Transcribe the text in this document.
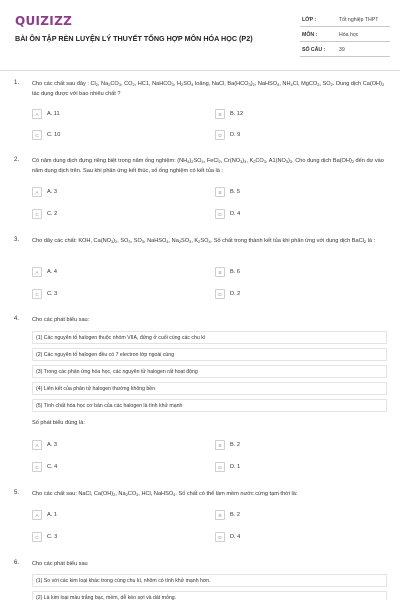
QUIZIZZ
BÀI ÔN TẬP RÈN LUYỆN LÝ THUYẾT TỔNG HỢP MÔN HÓA HỌC (P2)
LỚP :	Tốt nghiệp THPT
MÔN :	Hóa học
SỐ CÂU :	39
1. Cho các chất sau đây : $Cl_2$, $Na_2CO_3$, $CO_2$, HC1, NaHCO$_3$, $H_2SO_4$ loãng, NaCl, $Ba(HCO_3)_2$, NaHSO$_4$, $NH_4Cl$, MgCO$_3$, $SO_2$. Dung dịch $Ca(OH)_2$ tác dụng được với bao nhiêu chất ?
A	A. 11	B	B. 12
C	C. 10	D	D. 9
2. Có năm dung dịch đựng riêng biệt trong năm ống nghiệm: $(NH_4)_2SO_4$, FeCl$_2$, $Cr(NO_3)_3$, $K_2CO_3$, $A1(NO_3)_3$. Cho dung dịch $Ba(OH)_2$ đến dư vào năm dung dịch trên. Sau khi phản ứng kết thúc, số ống nghiệm có kết tủa là :
A	A. 3	B	B. 5
C	C. 2	D	D. 4
3. Cho dãy các chất: KOH, $Ca(NO_3)_2$, $SO_3$, $SO_3$, NaHSO$_4$, $Na_2SO_3$, $K_2SO_4$. Số chất trong thành kết tủa khi phản ứng với dung dịch BaCl$_2$ là :
A	A. 4	B	B. 6
C	C. 3	D	D. 2
4. Cho các phát biểu sau:
(1) Các nguyên tố halogen thuộc nhóm VIIA, đứng ở cuối cùng các chu kì
(2) Các nguyên tố halogen đều có 7 electron lớp ngoài cùng
(3) Trong các phản ứng hóa học, các nguyên tử halogen rất hoạt động
(4) Liên kết của phân tử halogen thường không bền
(5) Tính chất hóa học cơ bản của các halogen là tính khử mạnh
Số phát biểu đúng là:
A	A. 3	B	B. 2
C	C. 4	D	D. 1
5. Cho các chất sau: NaCl, $Ca(OH)_2$, $Na_2CO_3$, HCl, NaHSO$_4$. Số chất có thể làm mềm nước cứng tạm thời là:
A	A. 1	B	B. 2
C	C. 3	D	D. 4
6. Cho các phát biểu sau
(1) So với các kim loại khác trong cùng chu kì, nhôm có tính khử mạnh hơn.
(2) Là kim loại màu trắng bạc, mềm, dễ kéo sợi và dát mỏng.
